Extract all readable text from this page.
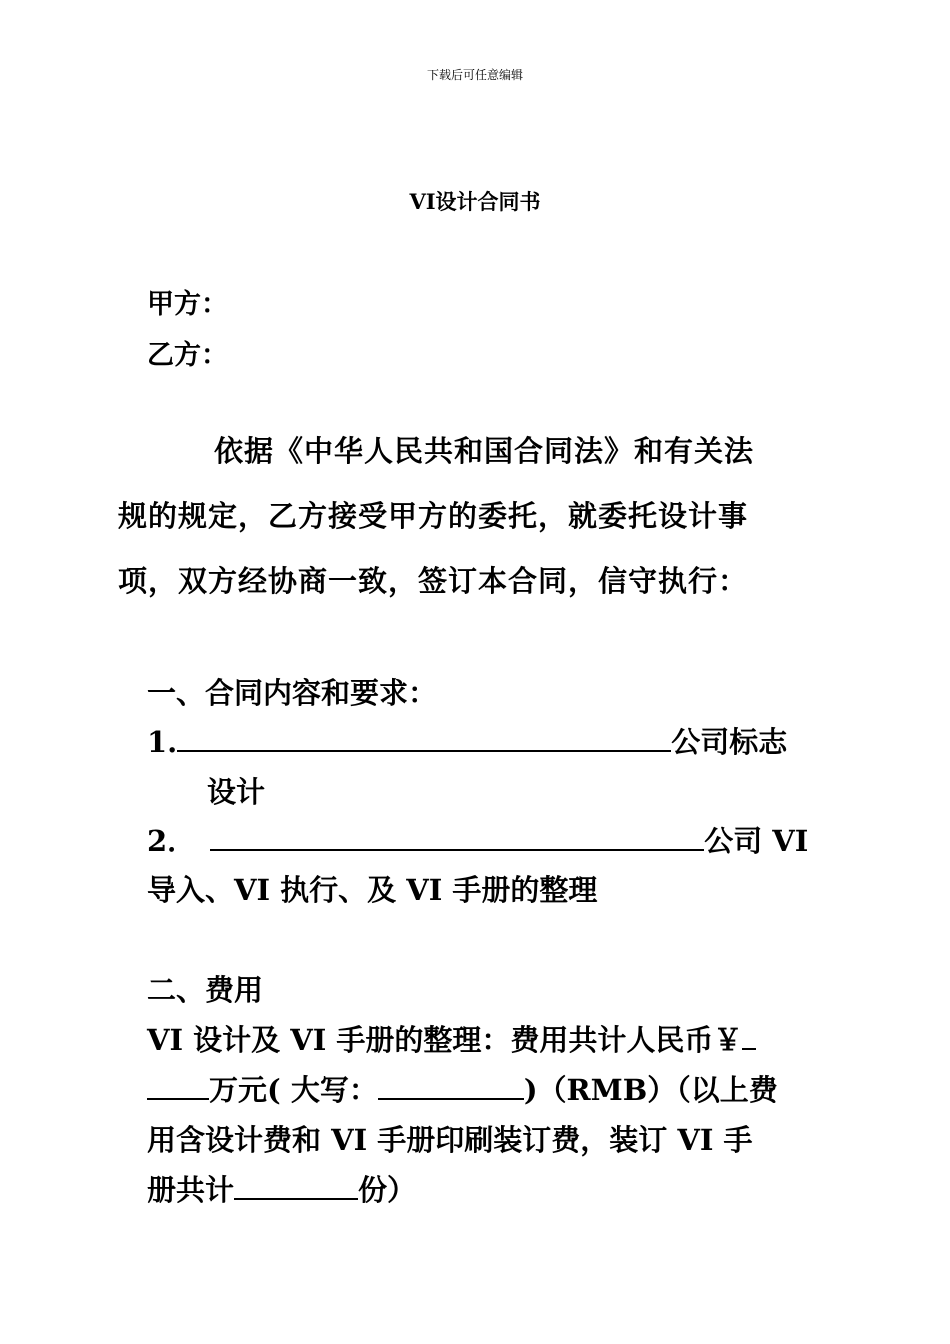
下载后可任意编辑
VI设计合同书
甲方：
乙方：
依据《中华人民共和国合同法》和有关法
规的规定，乙方接受甲方的委托，就委托设计事
项，双方经协商一致，签订本合同，信守执行：
一、合同内容和要求：
1.	公司标志
设计
2．	公司 VI
导入、VI 执行、及 VI 手册的整理
二、费用
VI 设计及 VI 手册的整理：费用共计人民币￥
万元( 大写：	)（RMB）（以上费
用含设计费和 VI 手册印刷装订费，装订 VI 手
册共计	份）
